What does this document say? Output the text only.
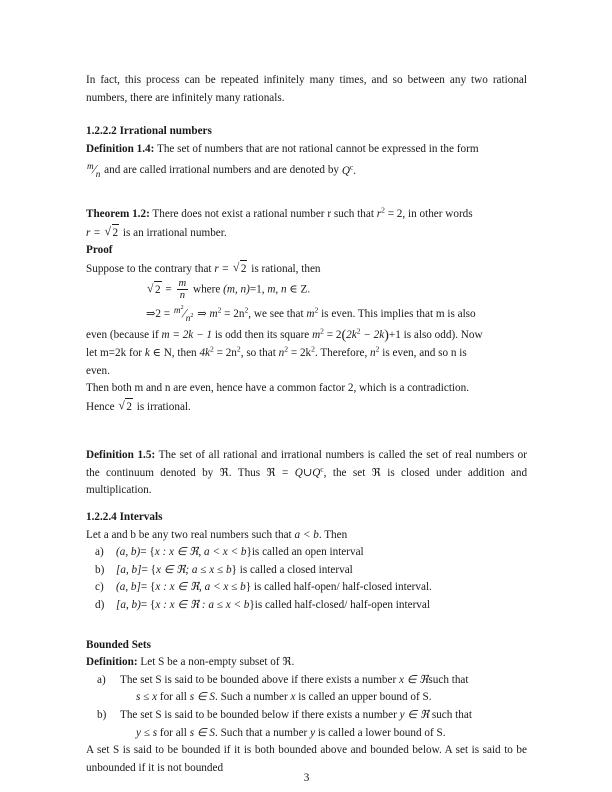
In fact, this process can be repeated infinitely many times, and so between any two rational numbers, there are infinitely many rationals.

1.2.2.2 Irrational numbers

Definition 1.4: The set of numbers that are not rational cannot be expressed in the form

$^m⁄_n$ and are called irrational numbers and are denoted by $Q^c$.

Theorem 1.2: There does not exist a rational number r such that $r^2 = 2$, in other words

r = √ 2 is an irrational number.

Proof

Suppose to the contrary that r = √ 2 is rational, then

√ $2 = \frac{m}{n}$ where (m, n)=1, m, n ∈ Z.

⇒2 = $^{m^2}⁄_{n^2}$ ⇒ $m^2 = 2n^2$, we see that $m^2$ is even. This implies that m is also

even (because if m = 2k − 1 is odd then its square $m^2 = 2(2k^2 - 2k)+1$ is also odd). Now

let m=2k for k ∈ N, then $4k^2 = 2n^2$, so that $n^2 = 2k^2$. Therefore, $n^2$ is even, and so n is

even.

Then both m and n are even, hence have a common factor 2, which is a contradiction.

Hence √ 2 is irrational.

Definition 1.5: The set of all rational and irrational numbers is called the set of real numbers or the continuum denoted by ℜ. Thus ℜ = $Q\cup Q^c$, the set ℜ is closed under addition and multiplication.

1.2.2.4 Intervals

Let a and b be any two real numbers such that a < b. Then

a) (a, b)= {x : x ∈ ℜ, a < x < b}is called an open interval
b) [a, b]= {x ∈ ℜ; a ≤ x ≤ b} is called a closed interval
c) (a, b]= {x : x ∈ ℜ, a < x ≤ b} is called half-open/ half-closed interval.
d) [a, b)= {x : x ∈ ℜ : a ≤ x < b}is called half-closed/ half-open interval

Bounded Sets

Definition: Let S be a non-empty subset of ℜ.

a) The set S is said to be bounded above if there exists a number x ∈ ℜsuch that
s ≤ x for all s ∈ S. Such a number x is called an upper bound of S.
b) The set S is said to be bounded below if there exists a number y ∈ ℜ such that
y ≤ s for all s ∈ S. Such that a number y is called a lower bound of S.

A set S is said to be bounded if it is both bounded above and bounded below. A set is said to be unbounded if it is not bounded

3
